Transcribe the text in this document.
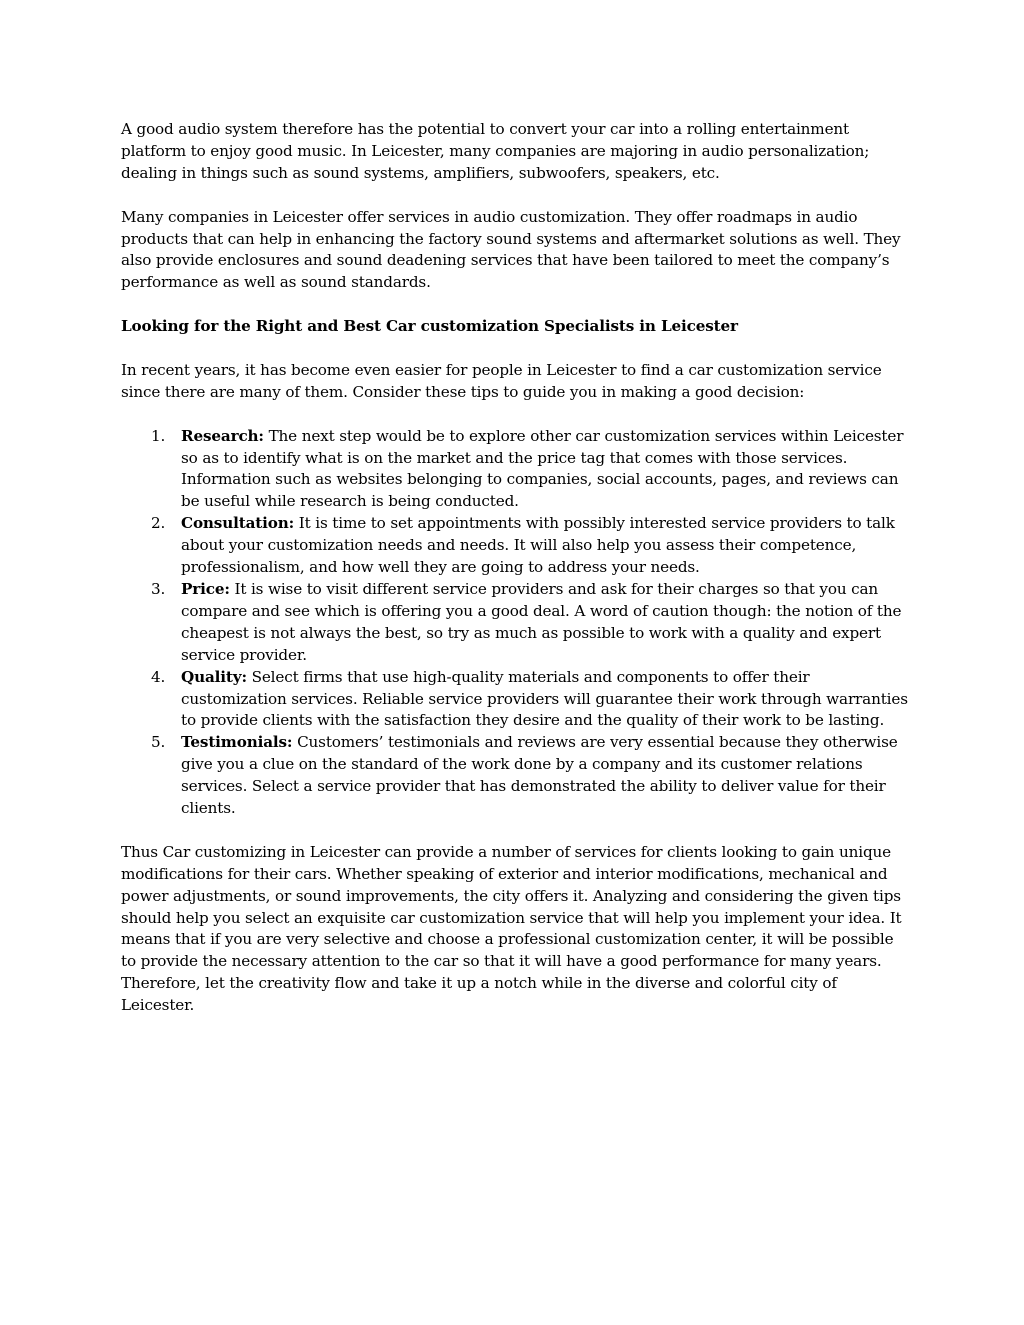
A good audio system therefore has the potential to convert your car into a rolling entertainment platform to enjoy good music. In Leicester, many companies are majoring in audio personalization; dealing in things such as sound systems, amplifiers, subwoofers, speakers, etc.

Many companies in Leicester offer services in audio customization. They offer roadmaps in audio products that can help in enhancing the factory sound systems and aftermarket solutions as well. They also provide enclosures and sound deadening services that have been tailored to meet the company’s performance as well as sound standards.

Looking for the Right and Best Car customization Specialists in Leicester

In recent years, it has become even easier for people in Leicester to find a car customization service since there are many of them. Consider these tips to guide you in making a good decision:

1. Research: The next step would be to explore other car customization services within Leicester so as to identify what is on the market and the price tag that comes with those services. Information such as websites belonging to companies, social accounts, pages, and reviews can be useful while research is being conducted.
2. Consultation: It is time to set appointments with possibly interested service providers to talk about your customization needs and needs. It will also help you assess their competence, professionalism, and how well they are going to address your needs.
3. Price: It is wise to visit different service providers and ask for their charges so that you can compare and see which is offering you a good deal. A word of caution though: the notion of the cheapest is not always the best, so try as much as possible to work with a quality and expert service provider.
4. Quality: Select firms that use high-quality materials and components to offer their customization services. Reliable service providers will guarantee their work through warranties to provide clients with the satisfaction they desire and the quality of their work to be lasting.
5. Testimonials: Customers’ testimonials and reviews are very essential because they otherwise give you a clue on the standard of the work done by a company and its customer relations services. Select a service provider that has demonstrated the ability to deliver value for their clients.

Thus Car customizing in Leicester can provide a number of services for clients looking to gain unique modifications for their cars. Whether speaking of exterior and interior modifications, mechanical and power adjustments, or sound improvements, the city offers it. Analyzing and considering the given tips should help you select an exquisite car customization service that will help you implement your idea. It means that if you are very selective and choose a professional customization center, it will be possible to provide the necessary attention to the car so that it will have a good performance for many years. Therefore, let the creativity flow and take it up a notch while in the diverse and colorful city of Leicester.
